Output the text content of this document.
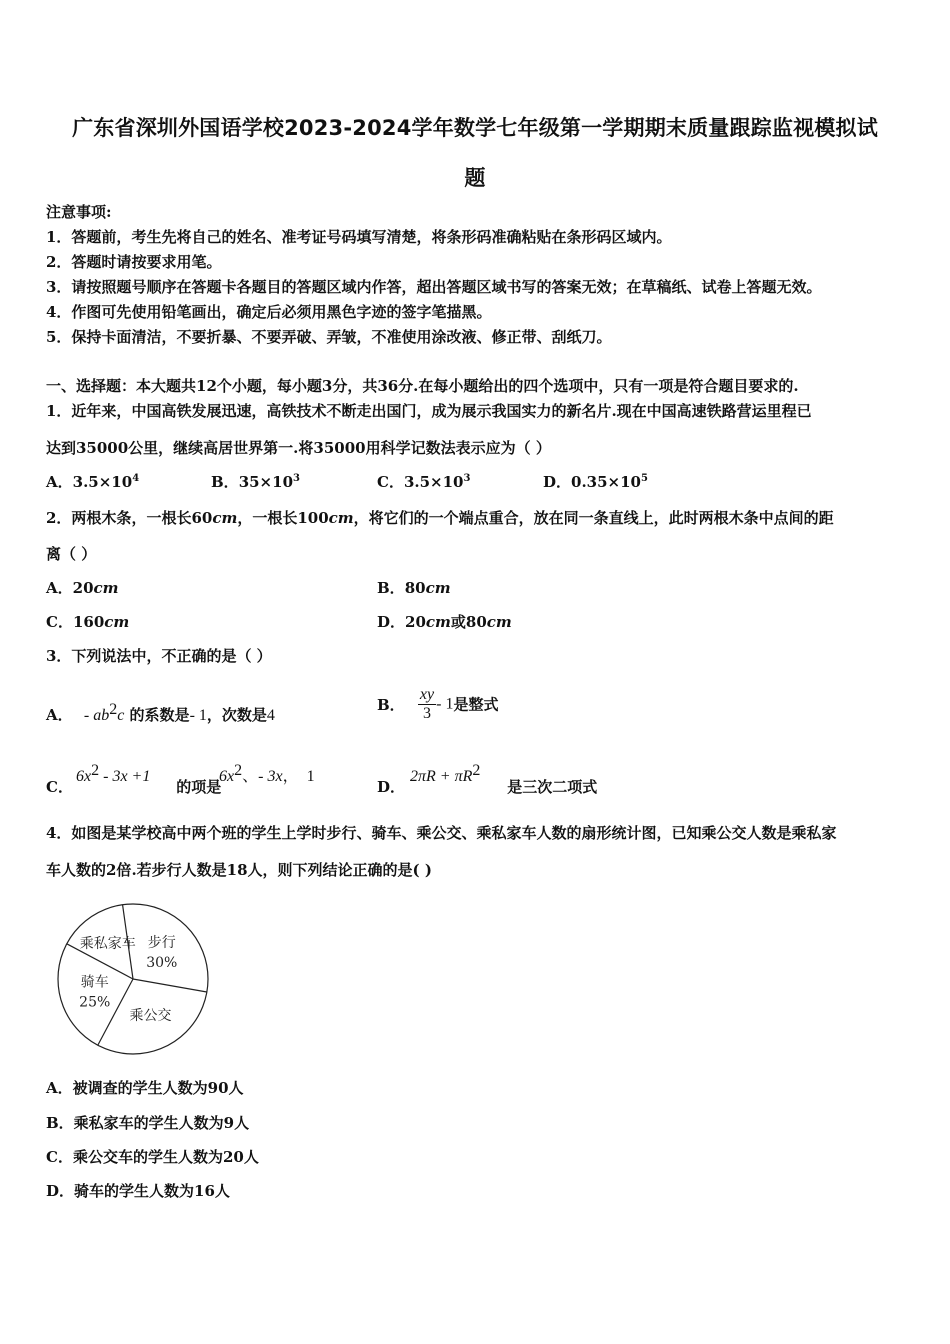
广东省深圳外国语学校2023-2024学年数学七年级第一学期期末质量跟踪监视模拟试
题
注意事项:
1．答题前，考生先将自己的姓名、准考证号码填写清楚，将条形码准确粘贴在条形码区域内。
2．答题时请按要求用笔。
3．请按照题号顺序在答题卡各题目的答题区域内作答，超出答题区域书写的答案无效；在草稿纸、试卷上答题无效。
4．作图可先使用铅笔画出，确定后必须用黑色字迹的签字笔描黑。
5．保持卡面清洁，不要折暴、不要弄破、弄皱，不准使用涂改液、修正带、刮纸刀。
一、选择题：本大题共12个小题，每小题3分，共36分.在每小题给出的四个选项中，只有一项是符合题目要求的.
1．近年来，中国高铁发展迅速，高铁技术不断走出国门，成为展示我国实力的新名片.现在中国高速铁路营运里程已
达到35000公里，继续高居世界第一.将35000用科学记数法表示应为（ ）
A．$3.5\times 10^4$	B．$35\times 10^3$	C．$3.5\times 10^3$	D．$0.35\times 10^5$
2．两根木条，一根长60cm，一根长100cm，将它们的一个端点重合，放在同一条直线上，此时两根木条中点间的距
离（ ）
A．20cm	B．80cm
C．160cm	D．20cm或80cm
3．下列说法中，不正确的是（ ）
A． - $ab^2c$ 的系数是- 1，次数是4
B． $\frac{xy}{3} - 1$是整式
$6x^2 - 3x +1$
C．	的项是
$6x^2$、- 3x， 1	$2\pi R + \pi R^2$
D．	是三次二项式
4．如图是某学校高中两个班的学生上学时步行、骑车、乘公交、乘私家车人数的扇形统计图，已知乘公交人数是乘私家
车人数的2倍.若步行人数是18人，则下列结论正确的是( )
步行
30%
乘公交
骑车
25%
乘私家车
A．被调查的学生人数为90人
B．乘私家车的学生人数为9人
C．乘公交车的学生人数为20人
D．骑车的学生人数为16人
